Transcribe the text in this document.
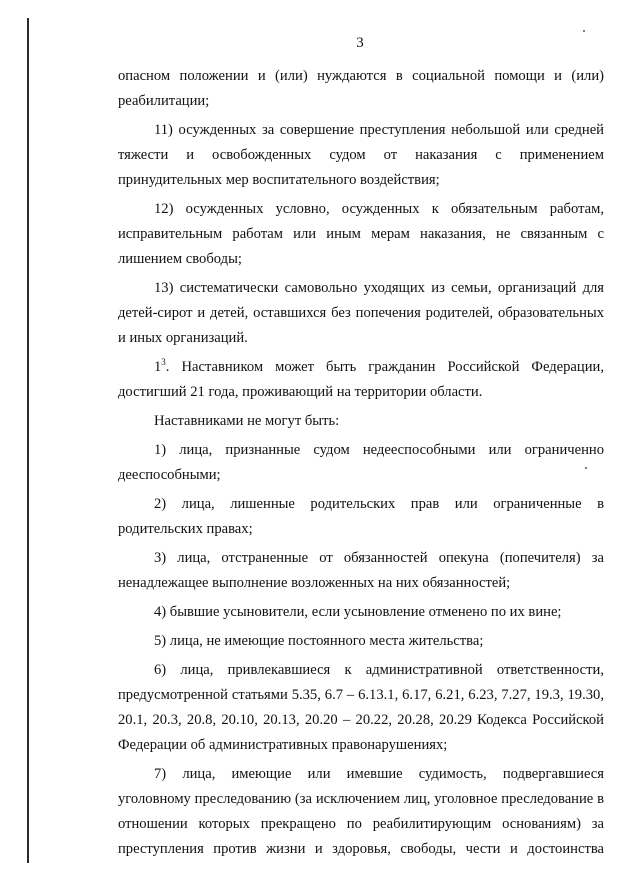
3
опасном положении и (или) нуждаются в социальной помощи и (или)
реабилитации;
11) осужденных за совершение преступления небольшой или средней
тяжести и освобожденных судом от наказания с применением
принудительных мер воспитательного воздействия;
12) осужденных условно, осужденных к обязательным работам,
исправительным работам или иным мерам наказания, не связанным с
лишением свободы;
13) систематически самовольно уходящих из семьи, организаций для
детей-сирот и детей, оставшихся без попечения родителей, образовательных
и иных организаций.
$1^3$. Наставником может быть гражданин Российской Федерации,
достигший 21 года, проживающий на территории области.
Наставниками не могут быть:
1) лица, признанные судом недееспособными или ограниченно
дееспособными;
2) лица, лишенные родительских прав или ограниченные в
родительских правах;
3) лица, отстраненные от обязанностей опекуна (попечителя) за
ненадлежащее выполнение возложенных на них обязанностей;
4) бывшие усыновители, если усыновление отменено по их вине;
5) лица, не имеющие постоянного места жительства;
6) лица, привлекавшиеся к административной ответственности,
предусмотренной статьями 5.35, 6.7 – 6.13.1, 6.17, 6.21, 6.23, 7.27, 19.3, 19.30,
20.1, 20.3, 20.8, 20.10, 20.13, 20.20 – 20.22, 20.28, 20.29 Кодекса Российской
Федерации об административных правонарушениях;
7) лица, имеющие или имевшие судимость, подвергавшиеся
уголовному преследованию (за исключением лиц, уголовное преследование в
отношении которых прекращено по реабилитирующим основаниям) за
преступления против жизни и здоровья, свободы, чести и достоинства
